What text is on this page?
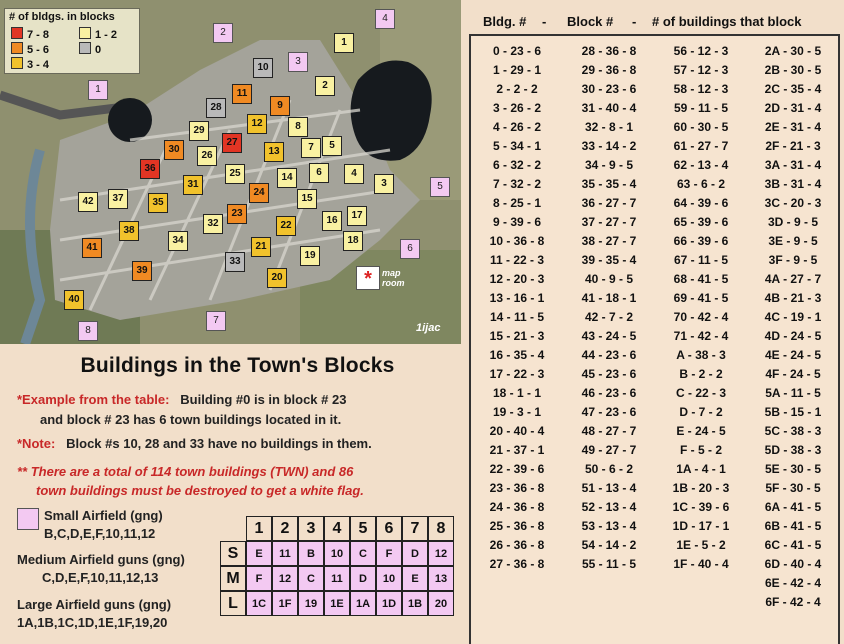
# of bldgs. in blocks
7 - 8	1 - 2
5 - 6	0
3 - 4
1
2
3
4
5
6
7
8
9
10
11
12
13
14
15
16	17
18
19
20
21
22
23
24
25
26
27
28
29
30
31
32
33
34
35
36
37
38
39
40
41
42
1
2
4
5
6
7
8
3
*	map room
1ijac
Buildings in the Town's Blocks
*Example from the table: Building #0 is in block # 23
and block # 23 has 6 town buildings located in it.
*Note: Block #s 10, 28 and 33 have no buildings in them.
** There are a total of 114 town buildings (TWN) and 86
town buildings must be destroyed to get a white flag.
Small Airfield (gng)
B,C,D,E,F,10,11,12
Medium Airfield guns (gng)
C,D,E,F,10,11,12,13
Large Airfield guns (gng)
1A,1B,1C,1D,1E,1F,19,20
1	2	3	4	5	6	7	8
S	E	11	B	10	C	F	D	12
M	F	12	C	11	D	10	E	13
L	1C	1F	19	1E	1A	1D	1B	20
Bldg. # - Block # - # of buildings that block
0 - 23 - 6
1 - 29 - 1
2 - 2 - 2
3 - 26 - 2
4 - 26 - 2
5 - 34 - 1
6 - 32 - 2
7 - 32 - 2
8 - 25 - 1
9 - 39 - 6
10 - 36 - 8
11 - 22 - 3
12 - 20 - 3
13 - 16 - 1
14 - 11 - 5
15 - 21 - 3
16 - 35 - 4
17 - 22 - 3
18 - 1 - 1
19 - 3 - 1
20 - 40 - 4
21 - 37 - 1
22 - 39 - 6
23 - 36 - 8
24 - 36 - 8
25 - 36 - 8
26 - 36 - 8
27 - 36 - 8
28 - 36 - 8
29 - 36 - 8
30 - 23 - 6
31 - 40 - 4
32 - 8 - 1
33 - 14 - 2
34 - 9 - 5
35 - 35 - 4
36 - 27 - 7
37 - 27 - 7
38 - 27 - 7
39 - 35 - 4
40 - 9 - 5
41 - 18 - 1
42 - 7 - 2
43 - 24 - 5
44 - 23 - 6
45 - 23 - 6
46 - 23 - 6
47 - 23 - 6
48 - 27 - 7
49 - 27 - 7
50 - 6 - 2
51 - 13 - 4
52 - 13 - 4
53 - 13 - 4
54 - 14 - 2
55 - 11 - 5
56 - 12 - 3
57 - 12 - 3
58 - 12 - 3
59 - 11 - 5
60 - 30 - 5
61 - 27 - 7
62 - 13 - 4
63 - 6 - 2
64 - 39 - 6
65 - 39 - 6
66 - 39 - 6
67 - 11 - 5
68 - 41 - 5
69 - 41 - 5
70 - 42 - 4
71 - 42 - 4
A - 38 - 3
B - 2 - 2
C - 22 - 3
D - 7 - 2
E - 24 - 5
F - 5 - 2
1A - 4 - 1
1B - 20 - 3
1C - 39 - 6
1D - 17 - 1
1E - 5 - 2
1F - 40 - 4
2A - 30 - 5
2B - 30 - 5
2C - 35 - 4
2D - 31 - 4
2E - 31 - 4
2F - 21 - 3
3A - 31 - 4
3B - 31 - 4
3C - 20 - 3
3D - 9 - 5
3E - 9 - 5
3F - 9 - 5
4A - 27 - 7
4B - 21 - 3
4C - 19 - 1
4D - 24 - 5
4E - 24 - 5
4F - 24 - 5
5A - 11 - 5
5B - 15 - 1
5C - 38 - 3
5D - 38 - 3
5E - 30 - 5
5F - 30 - 5
6A - 41 - 5
6B - 41 - 5
6C - 41 - 5
6D - 40 - 4
6E - 42 - 4
6F - 42 - 4
